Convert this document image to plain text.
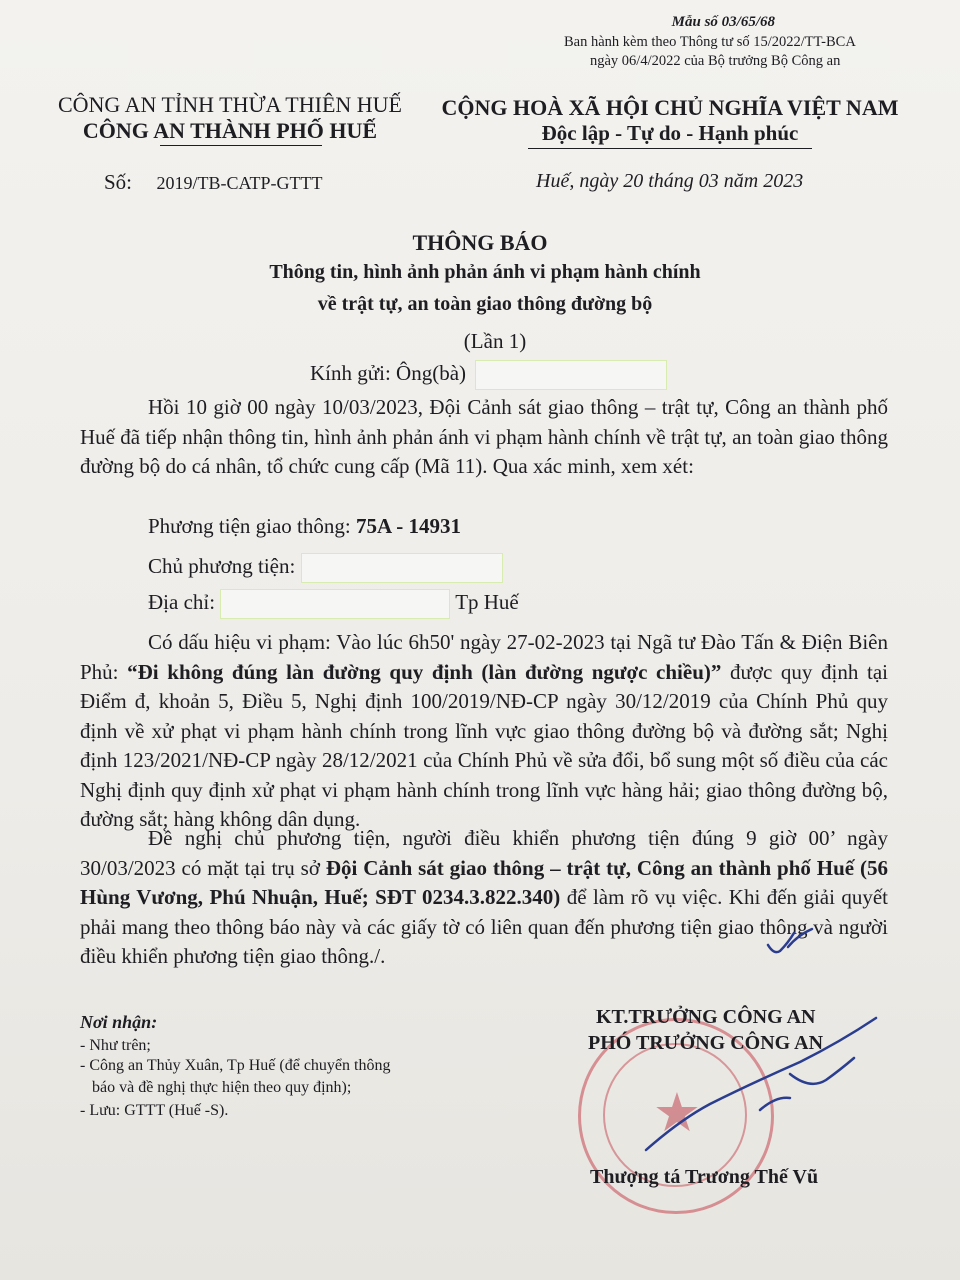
Mẫu số 03/65/68
Ban hành kèm theo Thông tư số 15/2022/TT-BCA
ngày 06/4/2022 của Bộ trưởng Bộ Công an
CÔNG AN TỈNH THỪA THIÊN HUẾ
CÔNG AN THÀNH PHỐ HUẾ
Số: 2019/TB-CATP-GTTT
CỘNG HOÀ XÃ HỘI CHỦ NGHĨA VIỆT NAM
Độc lập - Tự do - Hạnh phúc
Huế, ngày 20 tháng 03 năm 2023
THÔNG BÁO
Thông tin, hình ảnh phản ánh vi phạm hành chính
về trật tự, an toàn giao thông đường bộ
(Lần 1)
Kính gửi: Ông(bà)
Hồi 10 giờ 00 ngày 10/03/2023, Đội Cảnh sát giao thông – trật tự, Công an thành phố Huế đã tiếp nhận thông tin, hình ảnh phản ánh vi phạm hành chính về trật tự, an toàn giao thông đường bộ do cá nhân, tổ chức cung cấp (Mã 11). Qua xác minh, xem xét:
Phương tiện giao thông: 75A - 14931
Chủ phương tiện:
Địa chỉ:	Tp Huế
Có dấu hiệu vi phạm: Vào lúc 6h50' ngày 27-02-2023 tại Ngã tư Đào Tấn & Điện Biên Phủ: “Đi không đúng làn đường quy định (làn đường ngược chiều)” được quy định tại Điểm đ, khoản 5, Điều 5, Nghị định 100/2019/NĐ-CP ngày 30/12/2019 của Chính Phủ quy định về xử phạt vi phạm hành chính trong lĩnh vực giao thông đường bộ và đường sắt; Nghị định 123/2021/NĐ-CP ngày 28/12/2021 của Chính Phủ về sửa đổi, bổ sung một số điều của các Nghị định quy định xử phạt vi phạm hành chính trong lĩnh vực hàng hải; giao thông đường bộ, đường sắt; hàng không dân dụng.
Đề nghị chủ phương tiện, người điều khiển phương tiện đúng 9 giờ 00’ ngày 30/03/2023 có mặt tại trụ sở Đội Cảnh sát giao thông – trật tự, Công an thành phố Huế (56 Hùng Vương, Phú Nhuận, Huế; SĐT 0234.3.822.340) để làm rõ vụ việc. Khi đến giải quyết phải mang theo thông báo này và các giấy tờ có liên quan đến phương tiện giao thông và người điều khiển phương tiện giao thông./.
Nơi nhận:
- Như trên;
- Công an Thủy Xuân, Tp Huế (để chuyển thông
báo và đề nghị thực hiện theo quy định);
- Lưu: GTTT (Huế -S).	★
KT.TRƯỞNG CÔNG AN
PHÓ TRƯỞNG CÔNG AN
Thượng tá Trương Thế Vũ
